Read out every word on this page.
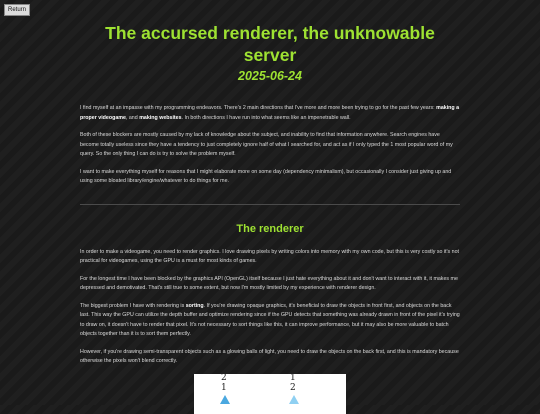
Return
The accursed renderer, the unknowable server
2025-06-24

I find myself at an impasse with my programming endeavors. There's 2 main directions that I've more and more been trying to go for the past few years: making a proper videogame, and making websites. In both directions I have run into what seems like an impenetrable wall.

Both of these blockers are mostly caused by my lack of knowledge about the subject, and inability to find that information anywhere. Search engines have become totally useless since they have a tendency to just completely ignore half of what I searched for, and act as if I only typed the 1 most popular word of my query. So the only thing I can do is try to solve the problem myself.

I want to make everything myself for reasons that I might elaborate more on some day (dependency minimalism), but occasionally I consider just giving up and using some bloated library/engine/whatever to do things for me.

The renderer

In order to make a videogame, you need to render graphics. I love drawing pixels by writing colors into memory with my own code, but this is very costly so it's not practical for videogames, using the GPU is a must for most kinds of games.

For the longest time I have been blocked by the graphics API (OpenGL) itself because I just hate everything about it and don't want to interact with it, it makes me depressed and demotivated. That's still true to some extent, but now I'm mostly limited by my experience with renderer design.

The biggest problem I have with rendering is sorting. If you're drawing opaque graphics, it's beneficial to draw the objects in front first, and objects on the back last. This way the GPU can utilize the depth buffer and optimize rendering since if the GPU detects that something was already drawn in front of the pixel it's trying to draw on, it doesn't have to render that pixel. It's not necessary to sort things like this, it can improve performance, but it may also be more valuable to batch objects together than it is to sort them perfectly.

However, if you're drawing semi-transparent objects such as a glowing balls of light, you need to draw the objects on the back first, and this is mandatory because otherwise the pixels won't blend correctly.

2
1
1
2
